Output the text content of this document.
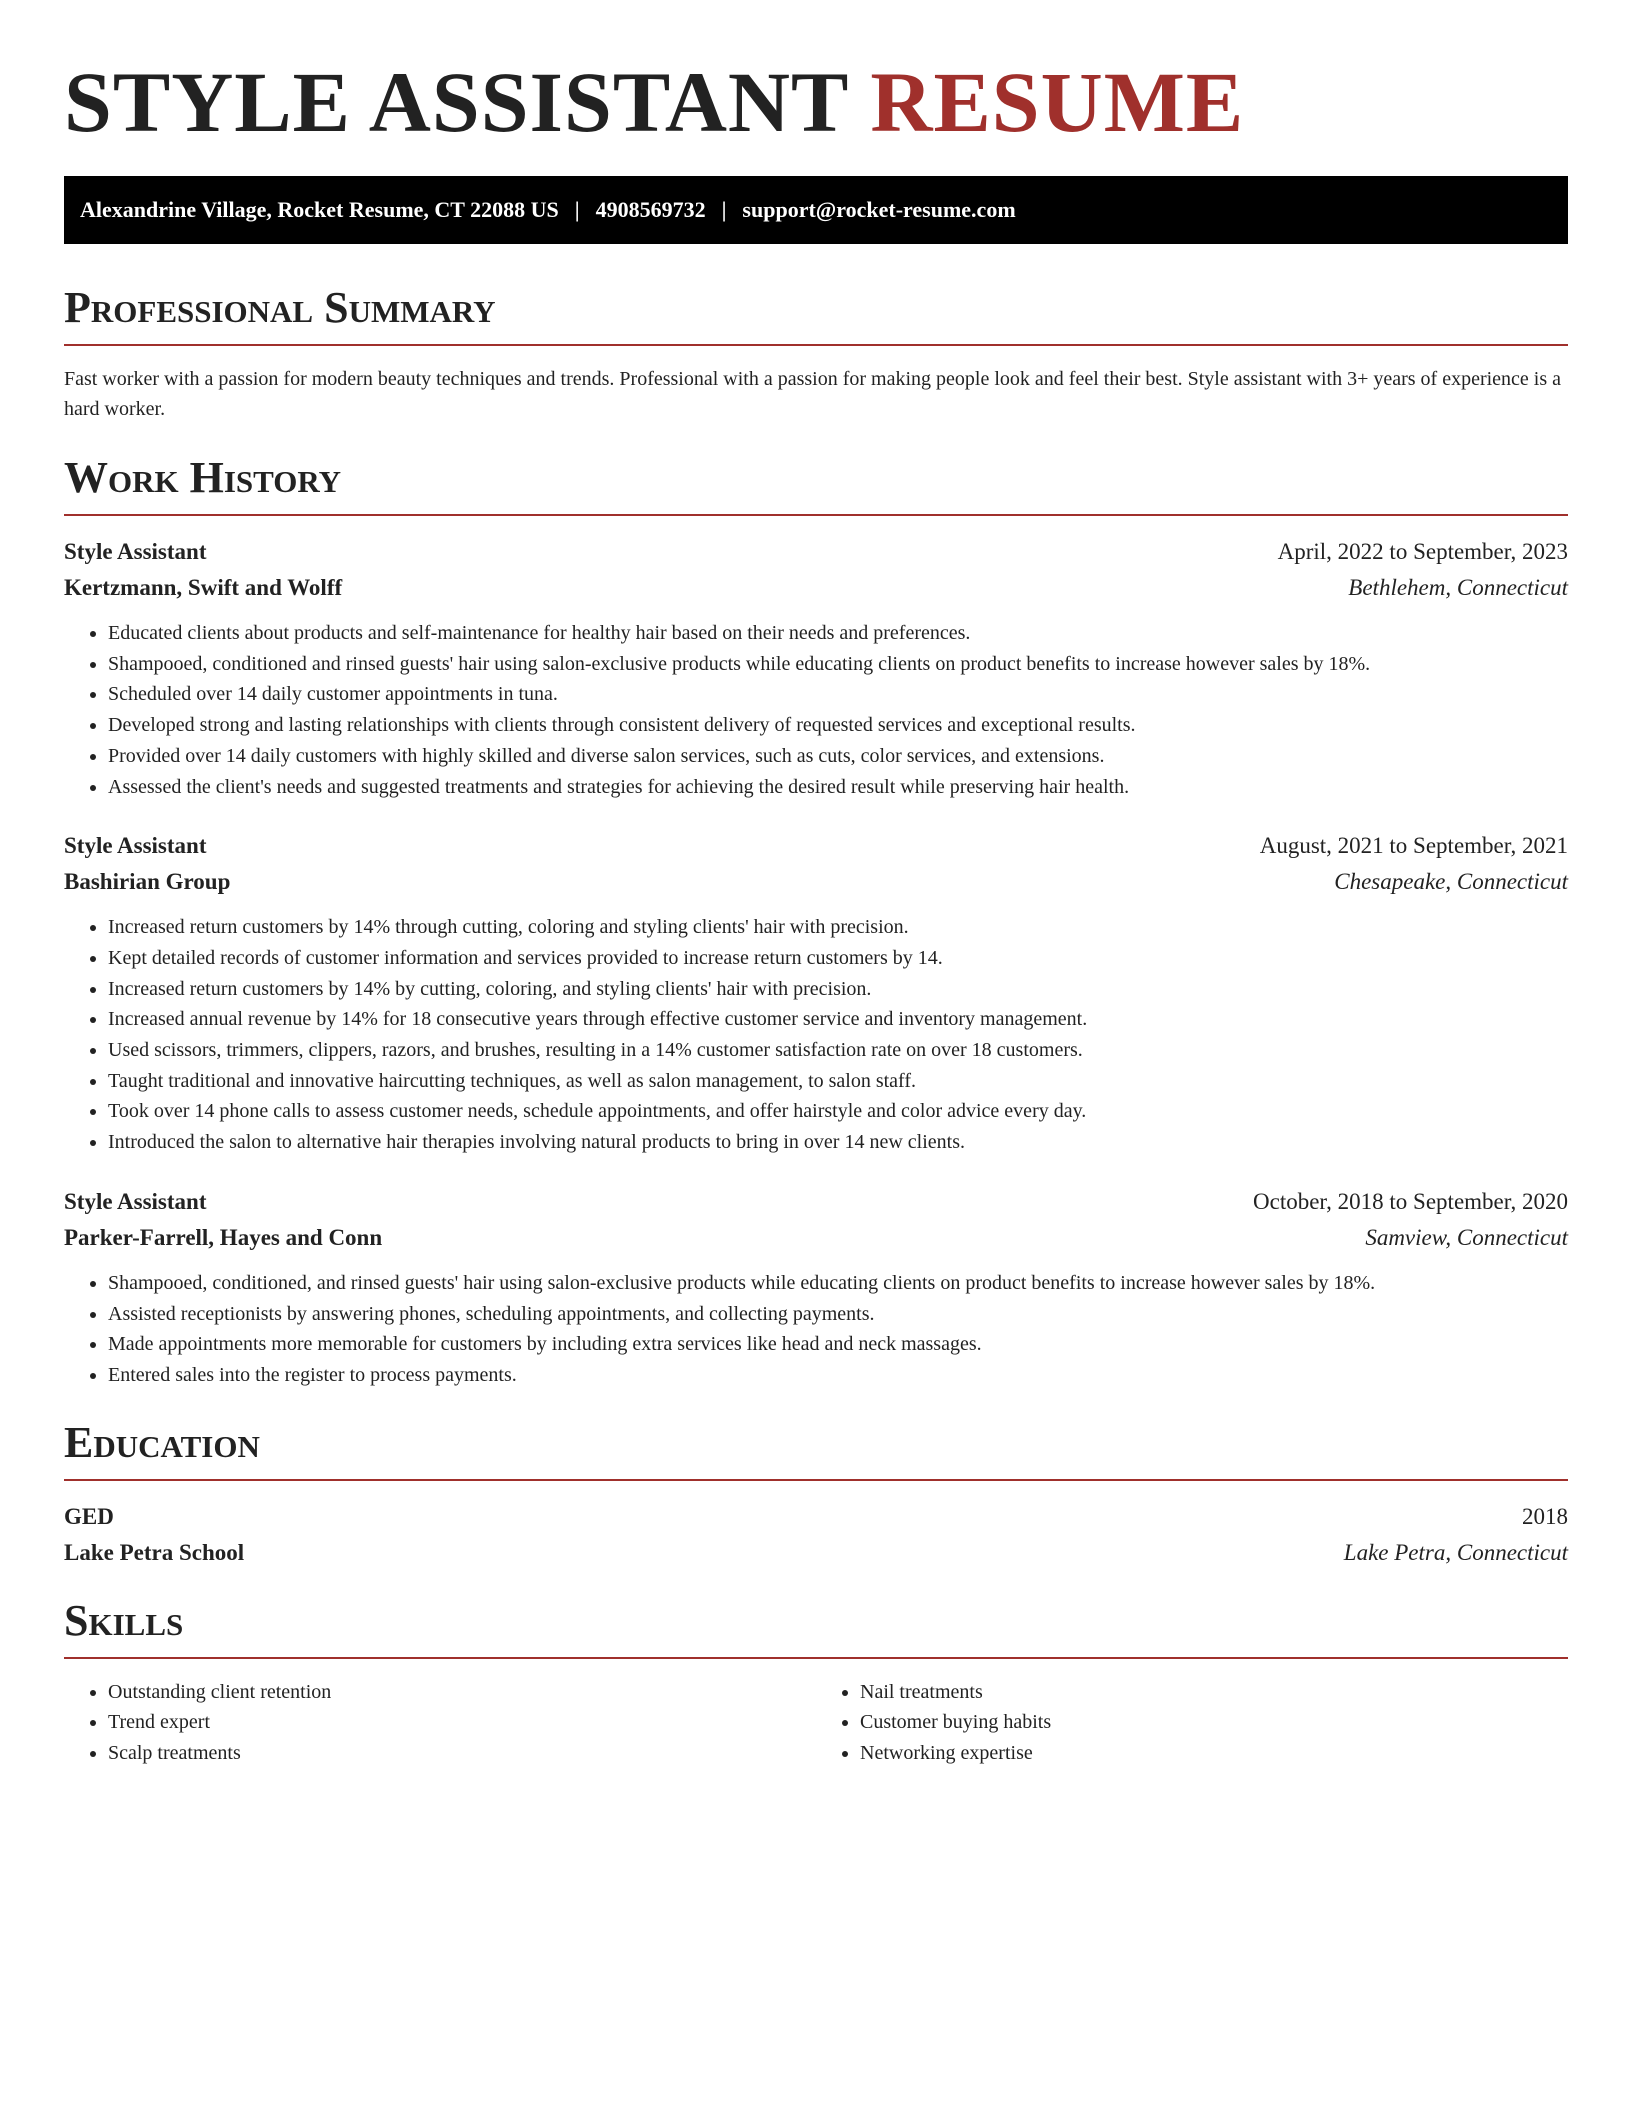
STYLE ASSISTANT RESUME
Alexandrine Village, Rocket Resume, CT 22088 US | 4908569732 | support@rocket-resume.com
Professional Summary

Fast worker with a passion for modern beauty techniques and trends. Professional with a passion for making people look and feel their best. Style assistant with 3+ years of experience is a hard worker.

Work History
Style Assistant	April, 2022 to September, 2023
Kertzmann, Swift and Wolff	Bethlehem, Connecticut
• Educated clients about products and self-maintenance for healthy hair based on their needs and preferences.
• Shampooed, conditioned and rinsed guests' hair using salon-exclusive products while educating clients on product benefits to increase however sales by 18%.
• Scheduled over 14 daily customer appointments in tuna.
• Developed strong and lasting relationships with clients through consistent delivery of requested services and exceptional results.
• Provided over 14 daily customers with highly skilled and diverse salon services, such as cuts, color services, and extensions.
• Assessed the client's needs and suggested treatments and strategies for achieving the desired result while preserving hair health.
Style Assistant	August, 2021 to September, 2021
Bashirian Group	Chesapeake, Connecticut
• Increased return customers by 14% through cutting, coloring and styling clients' hair with precision.
• Kept detailed records of customer information and services provided to increase return customers by 14.
• Increased return customers by 14% by cutting, coloring, and styling clients' hair with precision.
• Increased annual revenue by 14% for 18 consecutive years through effective customer service and inventory management.
• Used scissors, trimmers, clippers, razors, and brushes, resulting in a 14% customer satisfaction rate on over 18 customers.
• Taught traditional and innovative haircutting techniques, as well as salon management, to salon staff.
• Took over 14 phone calls to assess customer needs, schedule appointments, and offer hairstyle and color advice every day.
• Introduced the salon to alternative hair therapies involving natural products to bring in over 14 new clients.
Style Assistant	October, 2018 to September, 2020
Parker-Farrell, Hayes and Conn	Samview, Connecticut
• Shampooed, conditioned, and rinsed guests' hair using salon-exclusive products while educating clients on product benefits to increase however sales by 18%.
• Assisted receptionists by answering phones, scheduling appointments, and collecting payments.
• Made appointments more memorable for customers by including extra services like head and neck massages.
• Entered sales into the register to process payments.
Education
GED	2018
Lake Petra School	Lake Petra, Connecticut
Skills
• Outstanding client retention
• Trend expert
• Scalp treatments
• Nail treatments
• Customer buying habits
• Networking expertise
